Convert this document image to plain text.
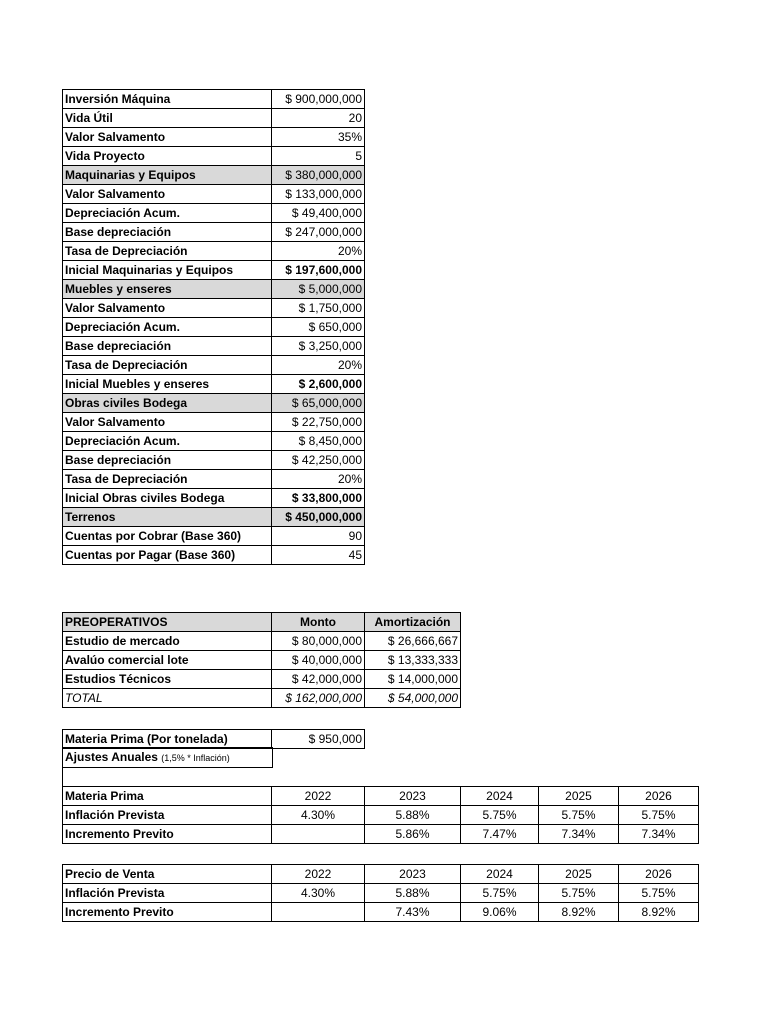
Inversión Máquina	$ 900,000,000
Vida Útil	20
Valor Salvamento	35%
Vida Proyecto	5
Maquinarias y Equipos	$ 380,000,000
Valor Salvamento	$ 133,000,000
Depreciación Acum.	$ 49,400,000
Base depreciación	$ 247,000,000
Tasa de Depreciación	20%
Inicial Maquinarias y Equipos	$ 197,600,000
Muebles y enseres	$ 5,000,000
Valor Salvamento	$ 1,750,000
Depreciación Acum.	$ 650,000
Base depreciación	$ 3,250,000
Tasa de Depreciación	20%
Inicial Muebles y enseres	$ 2,600,000
Obras civiles Bodega	$ 65,000,000
Valor Salvamento	$ 22,750,000
Depreciación Acum.	$ 8,450,000
Base depreciación	$ 42,250,000
Tasa de Depreciación	20%
Inicial Obras civiles Bodega	$ 33,800,000
Terrenos	$ 450,000,000
Cuentas por Cobrar (Base 360)	90
Cuentas por Pagar (Base 360)	45
PREOPERATIVOS	Monto	Amortización
Estudio de mercado	$ 80,000,000	$ 26,666,667
Avalúo comercial lote	$ 40,000,000	$ 13,333,333
Estudios Técnicos	$ 42,000,000	$ 14,000,000
TOTAL	$ 162,000,000	$ 54,000,000
Materia Prima (Por tonelada)	$ 950,000
Ajustes Anuales (1,5% * Inflación)
Materia Prima	2022	2023	2024	2025	2026
Inflación Prevista	4.30%	5.88%	5.75%	5.75%	5.75%
Incremento Previto		5.86%	7.47%	7.34%	7.34%
Precio de Venta	2022	2023	2024	2025	2026
Inflación Prevista	4.30%	5.88%	5.75%	5.75%	5.75%
Incremento Previto		7.43%	9.06%	8.92%	8.92%
